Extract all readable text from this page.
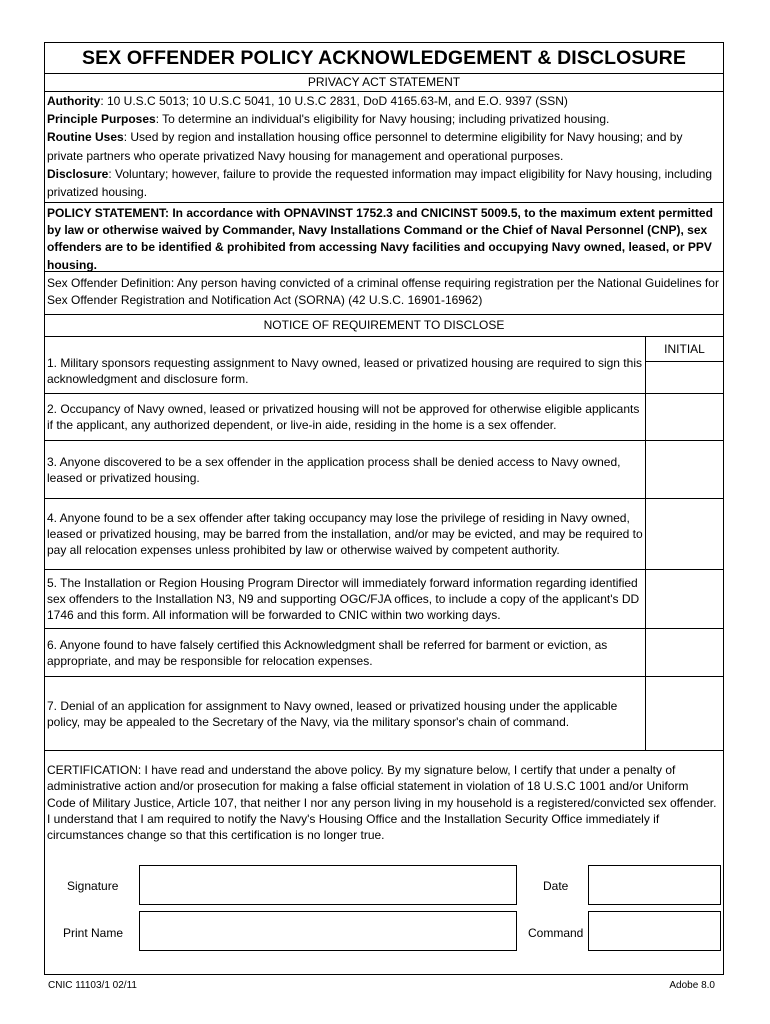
SEX OFFENDER POLICY ACKNOWLEDGEMENT & DISCLOSURE
PRIVACY ACT STATEMENT
Authority: 10 U.S.C 5013; 10 U.S.C 5041, 10 U.S.C 2831, DoD 4165.63-M, and E.O. 9397 (SSN)
Principle Purposes: To determine an individual's eligibility for Navy housing; including privatized housing.
Routine Uses: Used by region and installation housing office personnel to determine eligibility for Navy housing; and by private partners who operate privatized Navy housing for management and operational purposes.
Disclosure: Voluntary; however, failure to provide the requested information may impact eligibility for Navy housing, including privatized housing.
POLICY STATEMENT: In accordance with OPNAVINST 1752.3 and CNICINST 5009.5, to the maximum extent permitted by law or otherwise waived by Commander, Navy Installations Command or the Chief of Naval Personnel (CNP), sex offenders are to be identified & prohibited from accessing Navy facilities and occupying Navy owned, leased, or PPV housing.
Sex Offender Definition: Any person having convicted of a criminal offense requiring registration per the National Guidelines for Sex Offender Registration and Notification Act (SORNA) (42 U.S.C. 16901-16962)
NOTICE OF REQUIREMENT TO DISCLOSE
1. Military sponsors requesting assignment to Navy owned, leased or privatized housing are required to sign this acknowledgment and disclosure form.
INITIAL
2. Occupancy of Navy owned, leased or privatized housing will not be approved for otherwise eligible applicants if the applicant, any authorized dependent, or live-in aide, residing in the home is a sex offender.
3. Anyone discovered to be a sex offender in the application process shall be denied access to Navy owned, leased or privatized housing.
4. Anyone found to be a sex offender after taking occupancy may lose the privilege of residing in Navy owned, leased or privatized housing, may be barred from the installation, and/or may be evicted, and may be required to pay all relocation expenses unless prohibited by law or otherwise waived by competent authority.
5. The Installation or Region Housing Program Director will immediately forward information regarding identified sex offenders to the Installation N3, N9 and supporting OGC/FJA offices, to include a copy of the applicant's DD 1746 and this form. All information will be forwarded to CNIC within two working days.
6. Anyone found to have falsely certified this Acknowledgment shall be referred for barment or eviction, as appropriate, and may be responsible for relocation expenses.
7. Denial of an application for assignment to Navy owned, leased or privatized housing under the applicable policy, may be appealed to the Secretary of the Navy, via the military sponsor's chain of command.
CERTIFICATION: I have read and understand the above policy. By my signature below, I certify that under a penalty of administrative action and/or prosecution for making a false official statement in violation of 18 U.S.C 1001 and/or Uniform Code of Military Justice, Article 107, that neither I nor any person living in my household is a registered/convicted sex offender. I understand that I am required to notify the Navy's Housing Office and the Installation Security Office immediately if circumstances change so that this certification is no longer true.
Signature	Date
Print Name	Command
CNIC 11103/1 02/11	Adobe 8.0
